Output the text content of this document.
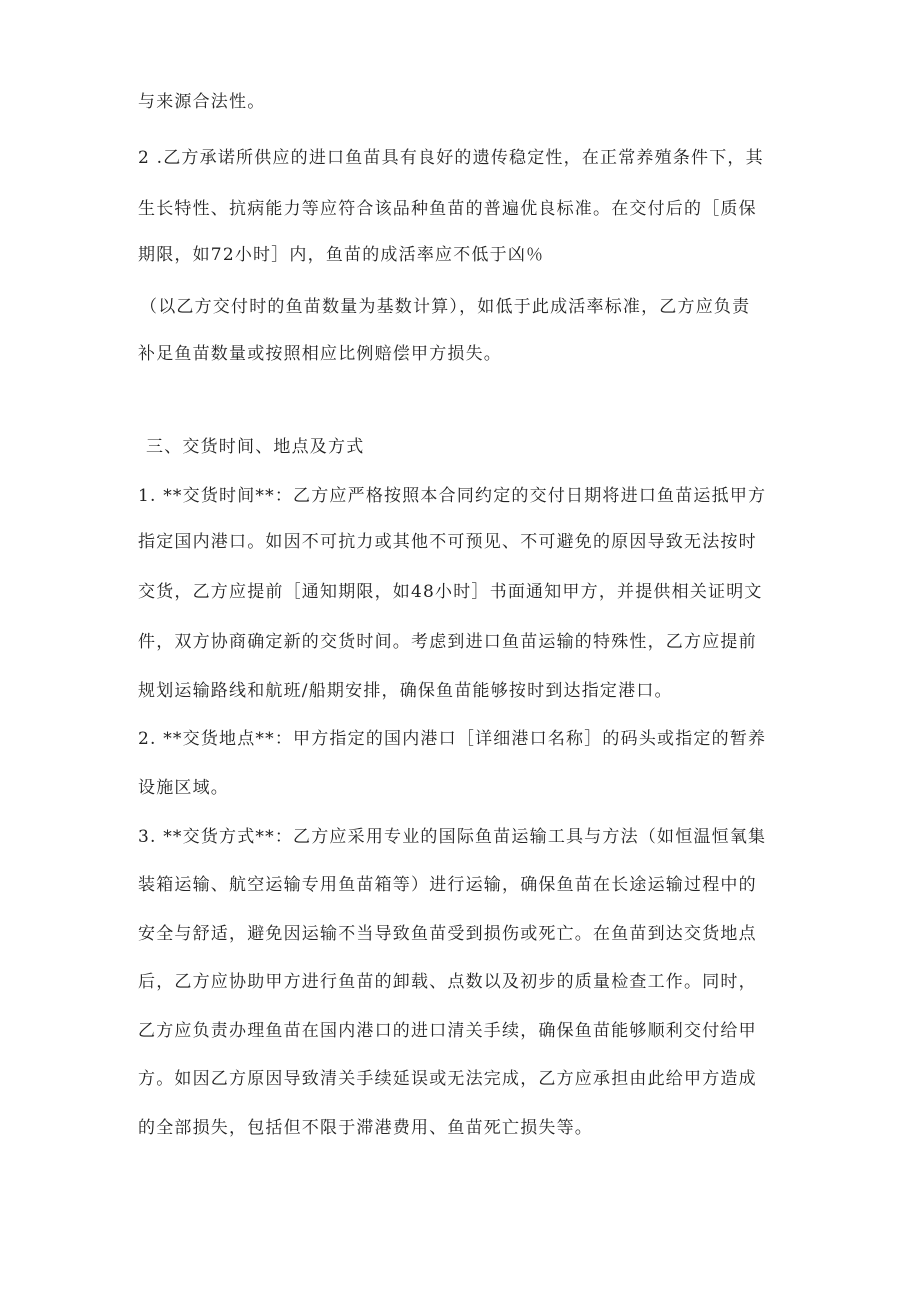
与来源合法性。
2 .乙方承诺所供应的进口鱼苗具有良好的遗传稳定性，在正常养殖条件下，其
生长特性、抗病能力等应符合该品种鱼苗的普遍优良标准。在交付后的［质保
期限，如72小时］内，鱼苗的成活率应不低于凶％
（以乙方交付时的鱼苗数量为基数计算），如低于此成活率标准，乙方应负责
补足鱼苗数量或按照相应比例赔偿甲方损失。
三、交货时间、地点及方式
1. **交货时间**：乙方应严格按照本合同约定的交付日期将进口鱼苗运抵甲方
指定国内港口。如因不可抗力或其他不可预见、不可避免的原因导致无法按时
交货，乙方应提前［通知期限，如48小时］书面通知甲方，并提供相关证明文
件，双方协商确定新的交货时间。考虑到进口鱼苗运输的特殊性，乙方应提前
规划运输路线和航班/船期安排，确保鱼苗能够按时到达指定港口。
2. **交货地点**：甲方指定的国内港口［详细港口名称］的码头或指定的暂养
设施区域。
3. **交货方式**：乙方应采用专业的国际鱼苗运输工具与方法（如恒温恒氧集
装箱运输、航空运输专用鱼苗箱等）进行运输，确保鱼苗在长途运输过程中的
安全与舒适，避免因运输不当导致鱼苗受到损伤或死亡。在鱼苗到达交货地点
后，乙方应协助甲方进行鱼苗的卸载、点数以及初步的质量检查工作。同时，
乙方应负责办理鱼苗在国内港口的进口清关手续，确保鱼苗能够顺利交付给甲
方。如因乙方原因导致清关手续延误或无法完成，乙方应承担由此给甲方造成
的全部损失，包括但不限于滞港费用、鱼苗死亡损失等。
